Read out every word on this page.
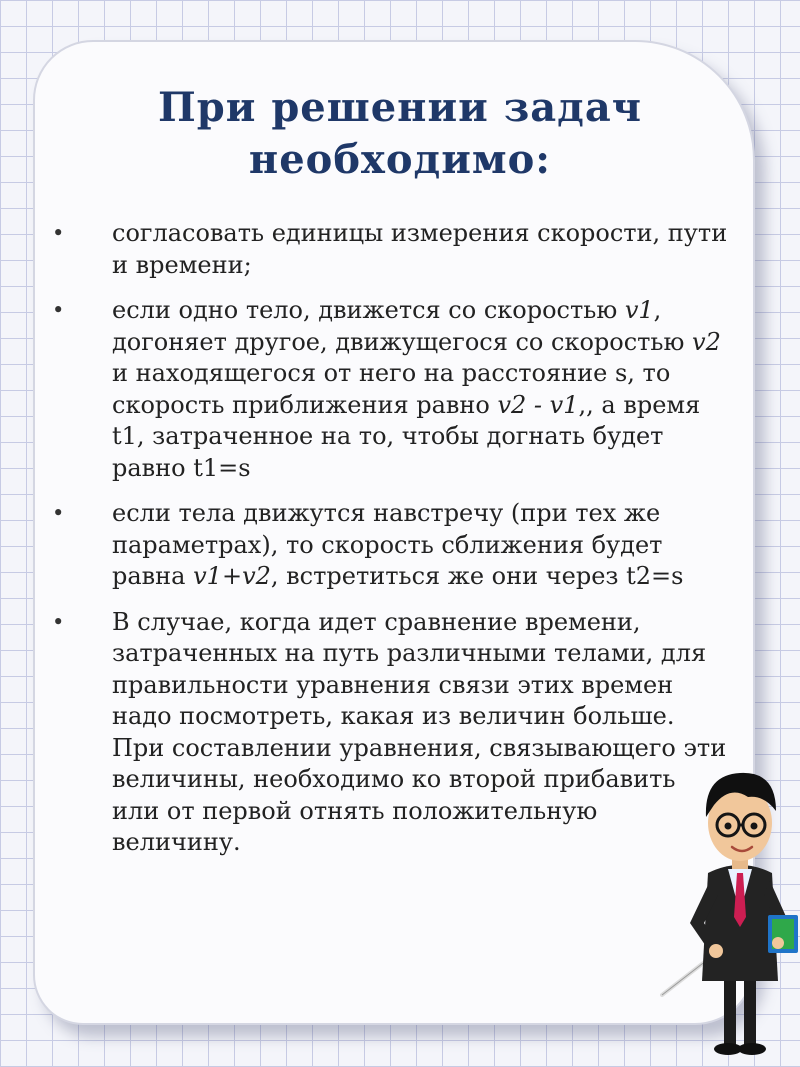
При решении задач
необходимо:
• согласовать единицы измерения скорости, пути и времени;

• если одно тело, движется со скоростью v1, догоняет другое, движущегося со скоростью v2 и находящегося от него на расстояние s, то скорость приближения равно v2 - v1,, а время t1, затраченное на то, чтобы догнать будет равно t1=s

• если тела движутся навстречу (при тех же параметрах), то скорость сближения будет равна v1+v2, встретиться же они через t2=s

• В случае, когда идет сравнение времени, затраченных на путь различными телами, для правильности уравнения связи этих времен надо посмотреть, какая из величин больше. При составлении уравнения, связывающего эти величины, необходимо ко второй прибавить или от первой отнять положительную величину.
